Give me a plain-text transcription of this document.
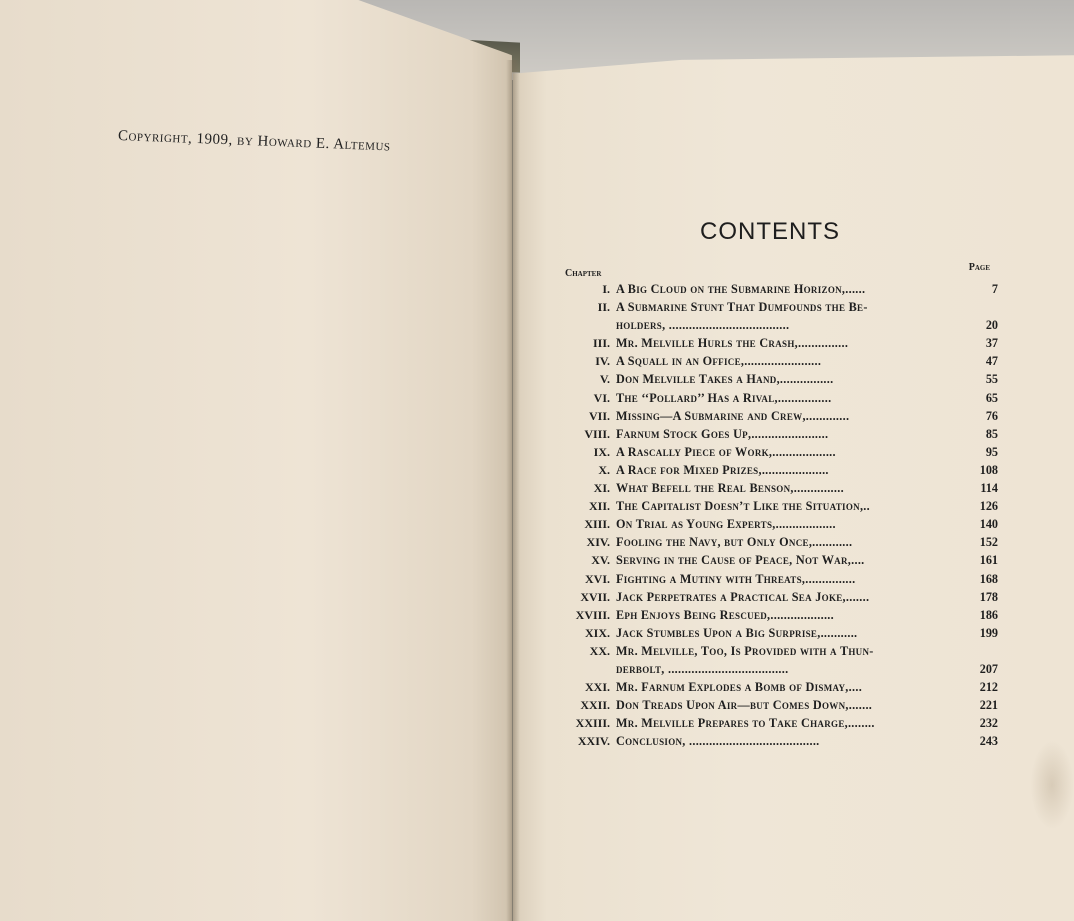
Copyright, 1909, by Howard E. Altemus
CONTENTS
Chapter
Page
I. A Big Cloud on the Submarine Horizon,......	7
II. A Submarine Stunt That Dumfounds the Be-
holders, ....................................	20
III. Mr. Melville Hurls the Crash,...............	37
IV. A Squall in an Office,.......................	47
V. Don Melville Takes a Hand,................	55
VI. The ‘‘Pollard’’ Has a Rival,................	65
VII. Missing—A Submarine and Crew,.............	76
VIII. Farnum Stock Goes Up,.......................	85
IX. A Rascally Piece of Work,...................	95
X. A Race for Mixed Prizes,....................	108
XI. What Befell the Real Benson,...............	114
XII. The Capitalist Doesn’t Like the Situation,..	126
XIII. On Trial as Young Experts,..................	140
XIV. Fooling the Navy, but Only Once,............	152
XV. Serving in the Cause of Peace, Not War,....	161
XVI. Fighting a Mutiny with Threats,...............	168
XVII. Jack Perpetrates a Practical Sea Joke,.......	178
XVIII. Eph Enjoys Being Rescued,...................	186
XIX. Jack Stumbles Upon a Big Surprise,...........	199
XX. Mr. Melville, Too, Is Provided with a Thun-
derbolt, ....................................	207
XXI. Mr. Farnum Explodes a Bomb of Dismay,....	212
XXII. Don Treads Upon Air—but Comes Down,.......	221
XXIII. Mr. Melville Prepares to Take Charge,........	232
XXIV. Conclusion, .......................................	243
